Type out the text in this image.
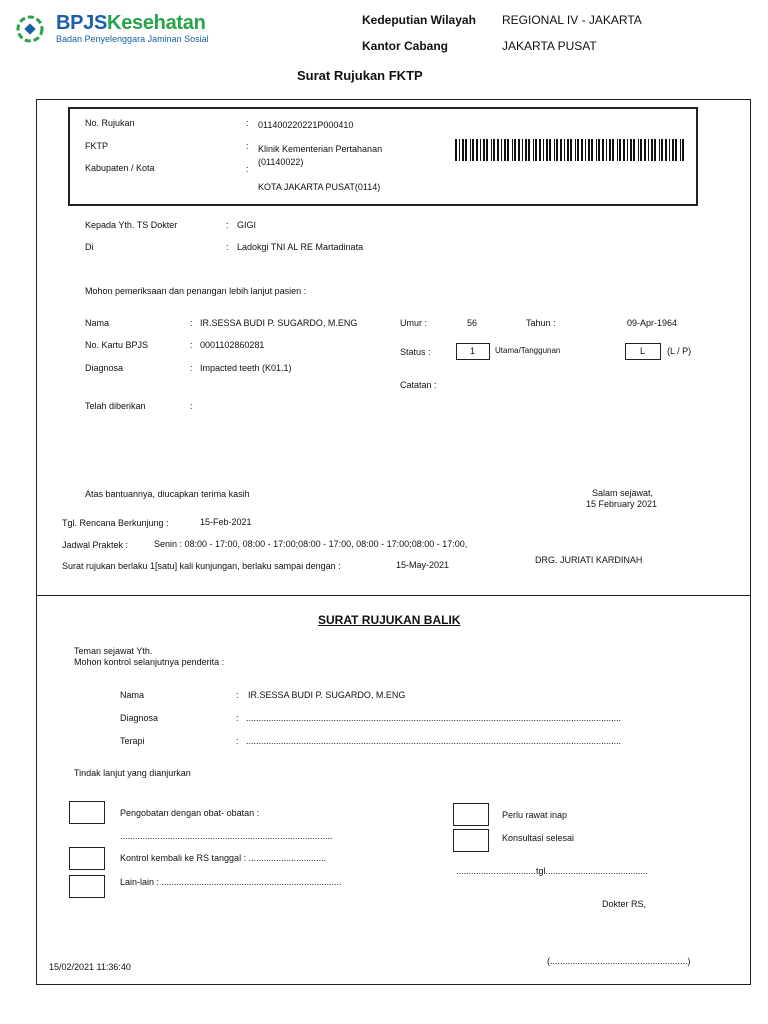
BPJSKesehatan
Badan Penyelenggara Jaminan Sosial
Kedeputian Wilayah REGIONAL IV - JAKARTA
Kantor Cabang	JAKARTA PUSAT
Surat Rujukan FKTP
No. Rujukan	: 011400220221P000410
FKTP	: Klinik Kementerian Pertahanan
(01140022)
Kabupaten / Kota	:
KOTA JAKARTA PUSAT(0114)
Kepada Yth. TS Dokter	: GIGI
Di	: Ladokgi TNI AL RE Martadinata
Mohon pemeriksaan dan penangan lebih lanjut pasien :
Nama	: IR.SESSA BUDI P. SUGARDO, M.ENG
No. Kartu BPJS	: 0001102860281
Diagnosa	: Impacted teeth (K01.1)
Telah diberikan	:
Umur :	56	Tahun :	09-Apr-1964
Status :	1 Utama/Tanggunan	L (L / P)
Catatan :
Atas bantuannya, diucapkan terima kasih	Salam sejawat,
15 February 2021
Tgl. Rencana Berkunjung :	15-Feb-2021
Jadwal Praktek :	Senin : 08:00 - 17:00, 08:00 - 17:00;08:00 - 17:00, 08:00 - 17:00;08:00 - 17:00,
Surat rujukan berlaku 1[satu] kali kunjungan, berlaku sampai dengan :	15-May-2021	DRG. JURIATI KARDINAH
SURAT RUJUKAN BALIK
Teman sejawat Yth.
Mohon kontrol selanjutnya penderita :
Nama	: IR.SESSA BUDI P. SUGARDO, M.ENG
Diagnosa	: ......................................................................................................................................................
Terapi	: ......................................................................................................................................................
Tindak lanjut yang dianjurkan
Pengobatan dengan obat- obatan :
.....................................................................................
Kontrol kembali ke RS tanggal : ...............................
Lain-lain : ........................................................................
Perlu rawat inap
Konsultasi selesai
................................tgl.........................................
Dokter RS,
(.......................................................)
15/02/2021 11:36:40
